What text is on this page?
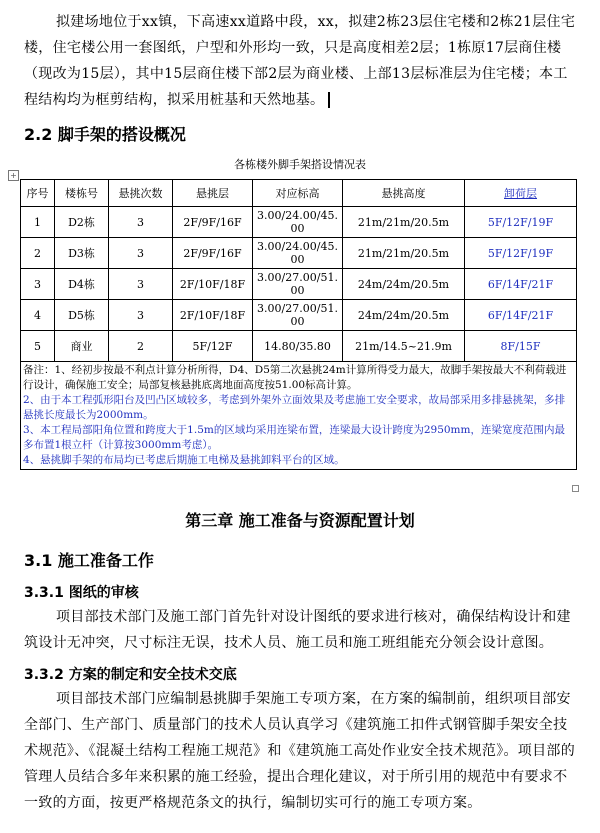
拟建场地位于xx镇，下高速xx道路中段，xx，拟建2栋23层住宅楼和2栋21层住宅楼，住宅楼公用一套图纸，户型和外形均一致，只是高度相差2层；1栋原17层商住楼（现改为15层），其中15层商住楼下部2层为商业楼、上部13层标准层为住宅楼；本工程结构均为框剪结构，拟采用桩基和天然地基。
2.2 脚手架的搭设概况
各栋楼外脚手架搭设情况表
+
序号	楼栋号	悬挑次数	悬挑层	对应标高	悬挑高度	卸荷层
1	D2栋	3	2F/9F/16F	3.00/24.00/45.00	21m/21m/20.5m	5F/12F/19F
2	D3栋	3	2F/9F/16F	3.00/24.00/45.00	21m/21m/20.5m	5F/12F/19F
3	D4栋	3	2F/10F/18F	3.00/27.00/51.00	24m/24m/20.5m	6F/14F/21F
4	D5栋	3	2F/10F/18F	3.00/27.00/51.00	24m/24m/20.5m	6F/14F/21F
5	商业	2	5F/12F	14.80/35.80	21m/14.5~21.9m	8F/15F

备注：1、经初步按最不利点计算分析所得，D4、D5第二次悬挑24m计算所得受力最大，故脚手架按最大不利荷载进行设计，确保施工安全；局部复核悬挑底离地面高度按51.00标高计算。
2、由于本工程弧形阳台及凹凸区域较多，考虑到外架外立面效果及考虑施工安全要求，故局部采用多排悬挑架，多排悬挑长度最长为2000mm。
3、本工程局部阳角位置和跨度大于1.5m的区域均采用连梁布置，连梁最大设计跨度为2950mm，连梁宽度范围内最多布置1根立杆（计算按3000mm考虑）。
4、悬挑脚手架的布局均已考虑后期施工电梯及悬挑卸料平台的区域。						
第三章 施工准备与资源配置计划
3.1 施工准备工作
3.3.1 图纸的审核
项目部技术部门及施工部门首先针对设计图纸的要求进行核对，确保结构设计和建筑设计无冲突，尺寸标注无误，技术人员、施工员和施工班组能充分领会设计意图。
3.3.2 方案的制定和安全技术交底
项目部技术部门应编制悬挑脚手架施工专项方案，在方案的编制前，组织项目部安全部门、生产部门、质量部门的技术人员认真学习《建筑施工扣件式钢管脚手架安全技术规范》、《混凝土结构工程施工规范》和《建筑施工高处作业安全技术规范》。项目部的管理人员结合多年来积累的施工经验，提出合理化建议，对于所引用的规范中有要求不一致的方面，按更严格规范条文的执行，编制切实可行的施工专项方案。
